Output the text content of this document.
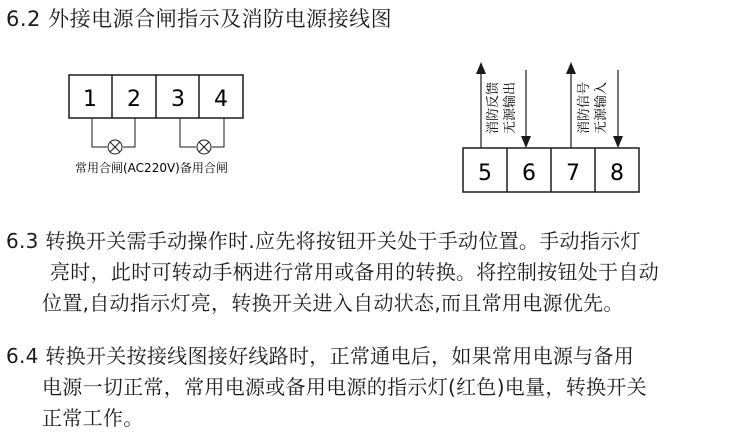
6.2 外接电源合闸指示及消防电源接线图
1 2 3 4
常用合闸(AC220V)备用合闸	5 6 7 8
消防反馈 无源输出	消防信号 无源输入
6.3 转换开关需手动操作时.应先将按钮开关处于手动位置。手动指示灯
亮时，此时可转动手柄进行常用或备用的转换。将控制按钮处于自动
位置,自动指示灯亮，转换开关进入自动状态,而且常用电源优先。
6.4 转换开关按接线图接好线路时，正常通电后，如果常用电源与备用
电源一切正常，常用电源或备用电源的指示灯(红色)电量，转换开关
正常工作。
